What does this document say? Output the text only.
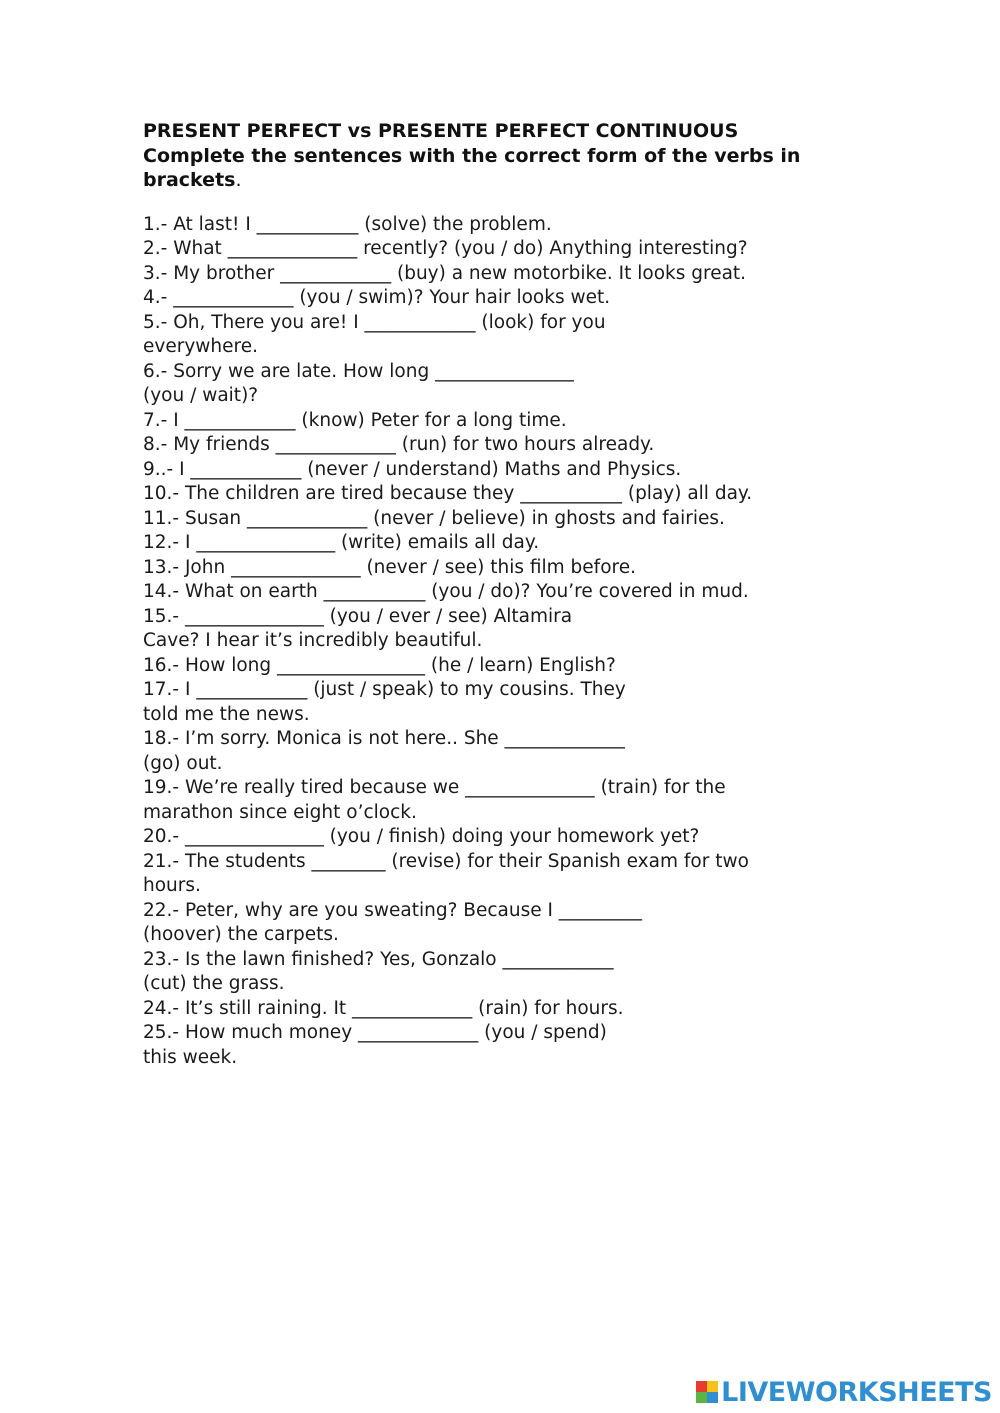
PRESENT PERFECT vs PRESENTE PERFECT CONTINUOUS

Complete the sentences with the correct form of the verbs in brackets.

1.- At last! I ___________ (solve) the problem.
2.- What ______________ recently? (you / do) Anything interesting?
3.- My brother ____________ (buy) a new motorbike. It looks great.
4.- _____________ (you / swim)? Your hair looks wet.
5.- Oh, There you are! I ____________ (look) for you
everywhere.
6.- Sorry we are late. How long _______________
(you / wait)?
7.- I ____________ (know) Peter for a long time.
8.- My friends _____________ (run) for two hours already.
9..- I ____________ (never / understand) Maths and Physics.
10.- The children are tired because they ___________ (play) all day.
11.- Susan _____________ (never / believe) in ghosts and fairies.
12.- I _______________ (write) emails all day.
13.- John ______________ (never / see) this film before.
14.- What on earth ___________ (you / do)? You’re covered in mud.
15.- _______________ (you / ever / see) Altamira
Cave? I hear it’s incredibly beautiful.
16.- How long ________________ (he / learn) English?
17.- I ____________ (just / speak) to my cousins. They
told me the news.
18.- I’m sorry. Monica is not here.. She _____________
(go) out.
19.- We’re really tired because we ______________ (train) for the
marathon since eight o’clock.
20.- _______________ (you / finish) doing your homework yet?
21.- The students ________ (revise) for their Spanish exam for two
hours.
22.- Peter, why are you sweating? Because I _________
(hoover) the carpets.
23.- Is the lawn finished? Yes, Gonzalo ____________
(cut) the grass.
24.- It’s still raining. It _____________ (rain) for hours.
25.- How much money _____________ (you / spend)
this week.
LIVEWORKSHEETS
